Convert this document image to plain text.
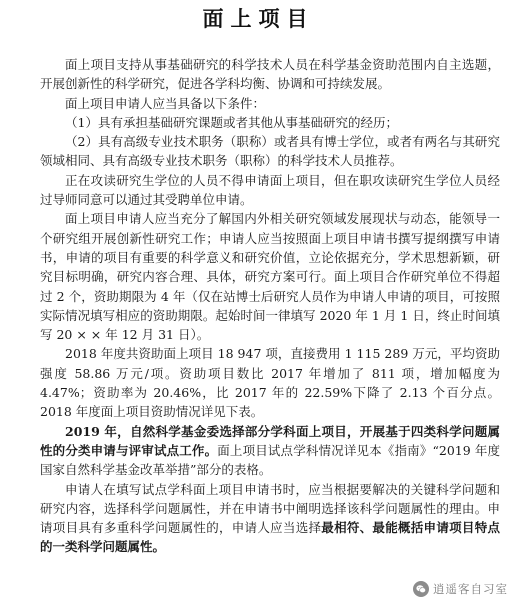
面上项目

面上项目支持从事基础研究的科学技术人员在科学基金资助范围内自主选题，开展创新性的科学研究，促进各学科均衡、协调和可持续发展。

面上项目申请人应当具备以下条件：

（1）具有承担基础研究课题或者其他从事基础研究的经历；

（2）具有高级专业技术职务（职称）或者具有博士学位，或者有两名与其研究领域相同、具有高级专业技术职务（职称）的科学技术人员推荐。

正在攻读研究生学位的人员不得申请面上项目，但在职攻读研究生学位人员经过导师同意可以通过其受聘单位申请。

面上项目申请人应当充分了解国内外相关研究领域发展现状与动态，能领导一个研究组开展创新性研究工作；申请人应当按照面上项目申请书撰写提纲撰写申请书，申请的项目有重要的科学意义和研究价值，立论依据充分，学术思想新颖，研究目标明确，研究内容合理、具体，研究方案可行。面上项目合作研究单位不得超过 2 个，资助期限为 4 年（仅在站博士后研究人员作为申请人申请的项目，可按照实际情况填写相应的资助期限。起始时间一律填写 2020 年 1 月 1 日，终止时间填写 20 × × 年 12 月 31 日）。

2018 年度共资助面上项目 18 947 项，直接费用 1 115 289 万元，平均资助强度 58.86 万元/项。资助项目数比 2017 年增加了 811 项，增加幅度为 4.47%；资助率为 20.46%，比 2017 年的 22.59%下降了 2.13 个百分点。2018 年度面上项目资助情况详见下表。

2019 年，自然科学基金委选择部分学科面上项目，开展基于四类科学问题属性的分类申请与评审试点工作。面上项目试点学科情况详见本《指南》“2019 年度国家自然科学基金改革举措”部分的表格。

申请人在填写试点学科面上项目申请书时，应当根据要解决的关键科学问题和研究内容，选择科学问题属性，并在申请书中阐明选择该科学问题属性的理由。申请项目具有多重科学问题属性的，申请人应当选择最相符、最能概括申请项目特点的一类科学问题属性。

逍遥客自习室
